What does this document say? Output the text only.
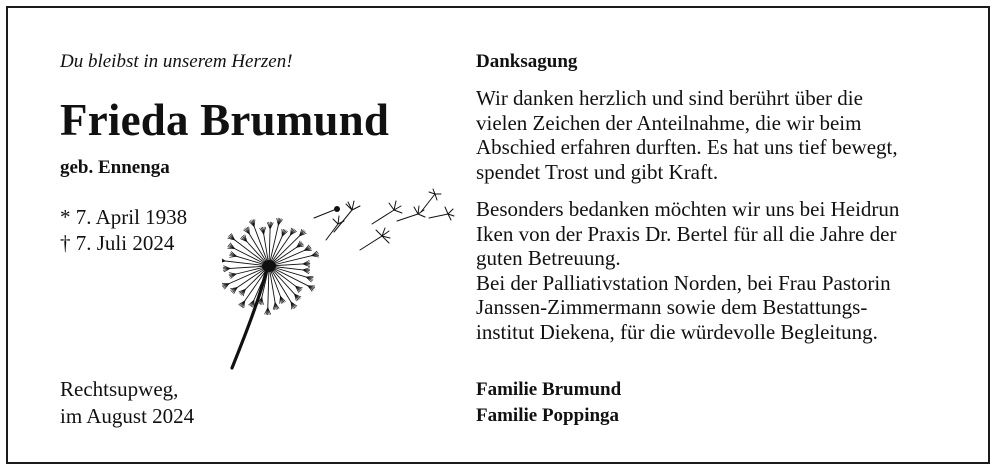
Du bleibst in unserem Herzen!

Frieda Brumund

geb. Ennenga

* 7. April 1938
† 7. Juli 2024
Rechtsupweg,
im August 2024

Danksagung

Wir danken herzlich und sind berührt über die
vielen Zeichen der Anteilnahme, die wir beim
Abschied erfahren durften. Es hat uns tief bewegt,
spendet Trost und gibt Kraft.
Besonders bedanken möchten wir uns bei Heidrun
Iken von der Praxis Dr. Bertel für all die Jahre der
guten Betreuung.
Bei der Palliativstation Norden, bei Frau Pastorin
Janssen-Zimmermann sowie dem Bestattungs-
institut Diekena, für die würdevolle Begleitung.
Familie Brumund
Familie Poppinga
